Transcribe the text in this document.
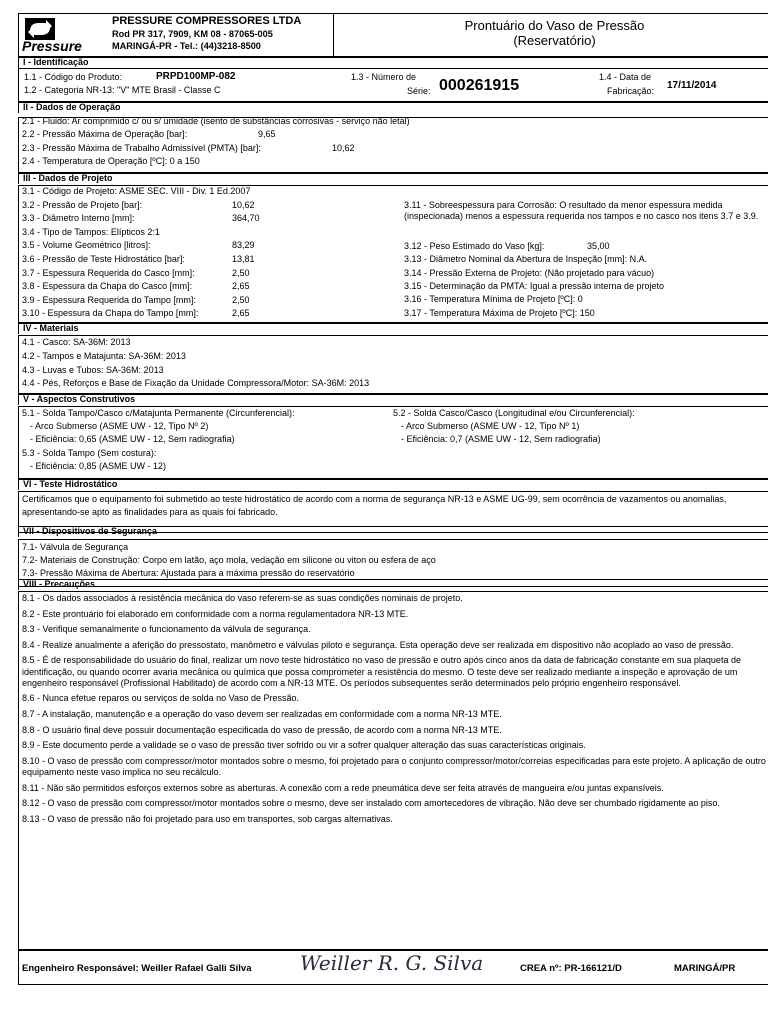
Pressure
PRESSURE COMPRESSORES LTDA
Rod PR 317, 7909, KM 08 - 87065-005
MARINGÁ-PR - Tel.: (44)3218-8500
Prontuário do Vaso de Pressão
(Reservatório)
I - Identificação
1.1 - Código do Produto:	PRPD100MP-082
1.2 - Categoria NR-13: "V" MTE Brasil - Classe C
1.3 - Número de
Série: 000261915	1.4 - Data de
Fabricação: 17/11/2014
II - Dados de Operação
2.1 - Fluido: Ar comprimido c/ ou s/ umidade (isento de substâncias corrosivas - serviço não letal)
2.2 - Pressão Máxima de Operação [bar]:	9,65
2.3 - Pressão Máxima de Trabalho Admissível (PMTA) [bar]:	10,62
2.4 - Temperatura de Operação [ºC]: 0 a 150
III - Dados de Projeto
3.1 - Código de Projeto: ASME SEC. VIII - Div. 1 Ed.2007
3.2 - Pressão de Projeto [bar]:	10,62
3.3 - Diâmetro Interno [mm]:	364,70
3.4 - Tipo de Tampos: Elípticos 2:1
3.5 - Volume Geométrico [litros]:	83,29
3.6 - Pressão de Teste Hidrostático [bar]:	13,81
3.7 - Espessura Requerida do Casco [mm]:	2,50
3.8 - Espessura da Chapa do Casco [mm]:	2,65
3.9 - Espessura Requerida do Tampo [mm]:	2,50
3.10 - Espessura da Chapa do Tampo [mm]:	2,65
3.11 - Sobreespessura para Corrosão: O resultado da menor espessura medida (inspecionada) menos a espessura requerida nos tampos e no casco nos itens 3.7 e 3.9.
3.12 - Peso Estimado do Vaso [kg]:	35,00
3.13 - Diâmetro Nominal da Abertura de Inspeção [mm]: N.A.
3.14 - Pressão Externa de Projeto: (Não projetado para vácuo)
3.15 - Determinação da PMTA: Igual a pressão interna de projeto
3.16 - Temperatura Mínima de Projeto [ºC]: 0
3.17 - Temperatura Máxima de Projeto [ºC]: 150
IV - Materiais
4.1 - Casco: SA-36M: 2013
4.2 - Tampos e Matajunta: SA-36M: 2013
4.3 - Luvas e Tubos: SA-36M: 2013
4.4 - Pés, Reforços e Base de Fixação da Unidade Compressora/Motor: SA-36M: 2013
V - Aspectos Construtivos
5.1 - Solda Tampo/Casco c/Matajunta Permanente (Circunferencial):
- Arco Submerso (ASME UW - 12, Tipo Nº 2)
- Eficiência: 0,65 (ASME UW - 12, Sem radiografia)
5.2 - Solda Casco/Casco (Longitudinal e/ou Circunferencial):
- Arco Submerso (ASME UW - 12, Tipo Nº 1)
- Eficiência: 0,7 (ASME UW - 12, Sem radiografia)
5.3 - Solda Tampo (Sem costura):
- Eficiência: 0,85 (ASME UW - 12)
VI - Teste Hidrostático
Certificamos que o equipamento foi submetido ao teste hidrostático de acordo com a norma de segurança NR-13 e ASME UG-99, sem ocorrência de vazamentos ou anomalias, apresentando-se apto as finalidades para as quais foi fabricado.
VII - Dispositivos de Segurança
7.1- Válvula de Segurança
7.2- Materiais de Construção: Corpo em latão, aço mola, vedação em silicone ou viton ou esfera de aço
7.3- Pressão Máxima de Abertura: Ajustada para a máxima pressão do reservatório
VIII - Precauções
8.1 - Os dados associados à resistência mecânica do vaso referem-se as suas condições nominais de projeto.
8.2 - Este prontuário foi elaborado em conformidade com a norma regulamentadora NR-13 MTE.
8.3 - Verifique semanalmente o funcionamento da válvula de segurança.
8.4 - Realize anualmente a aferição do pressostato, manômetro e válvulas piloto e segurança. Esta operação deve ser realizada em dispositivo não acoplado ao vaso de pressão.
8.5 - É de responsabilidade do usuário do final, realizar um novo teste hidrostático no vaso de pressão e outro após cinco anos da data de fabricação constante em sua plaqueta de identificação, ou quando ocorrer avaria mecânica ou química que possa comprometer a resistência do mesmo. O teste deve ser realizado mediante a inspeção e aprovação de um engenheiro responsável (Profissional Habilitado) de acordo com a NR-13 MTE. Os períodos subsequentes serão determinados pelo próprio engenheiro responsável.
8.6 - Nunca efetue reparos ou serviços de solda no Vaso de Pressão.
8.7 - A instalação, manutenção e a operação do vaso devem ser realizadas em conformidade com a norma NR-13 MTE.
8.8 - O usuário final deve possuir documentação especificada do vaso de pressão, de acordo com a norma NR-13 MTE.
8.9 - Este documento perde a validade se o vaso de pressão tiver sofrido ou vir a sofrer qualquer alteração das suas características originais.
8.10 - O vaso de pressão com compressor/motor montados sobre o mesmo, foi projetado para o conjunto compressor/motor/correias especificadas para este projeto. A aplicação de outro equipamento neste vaso implica no seu recálculo.
8.11 - Não são permitidos esforços externos sobre as aberturas. A conexão com a rede pneumática deve ser feita através de mangueira e/ou juntas expansíveis.
8.12 - O vaso de pressão com compressor/motor montados sobre o mesmo, deve ser instalado com amortecedores de vibração. Não deve ser chumbado rigidamente ao piso.
8.13 - O vaso de pressão não foi projetado para uso em transportes, sob cargas alternativas.
Engenheiro Responsável: Weiller Rafael Galli Silva Weiller R. G. Silva	CREA nº: PR-166121/D	MARINGÁ/PR
